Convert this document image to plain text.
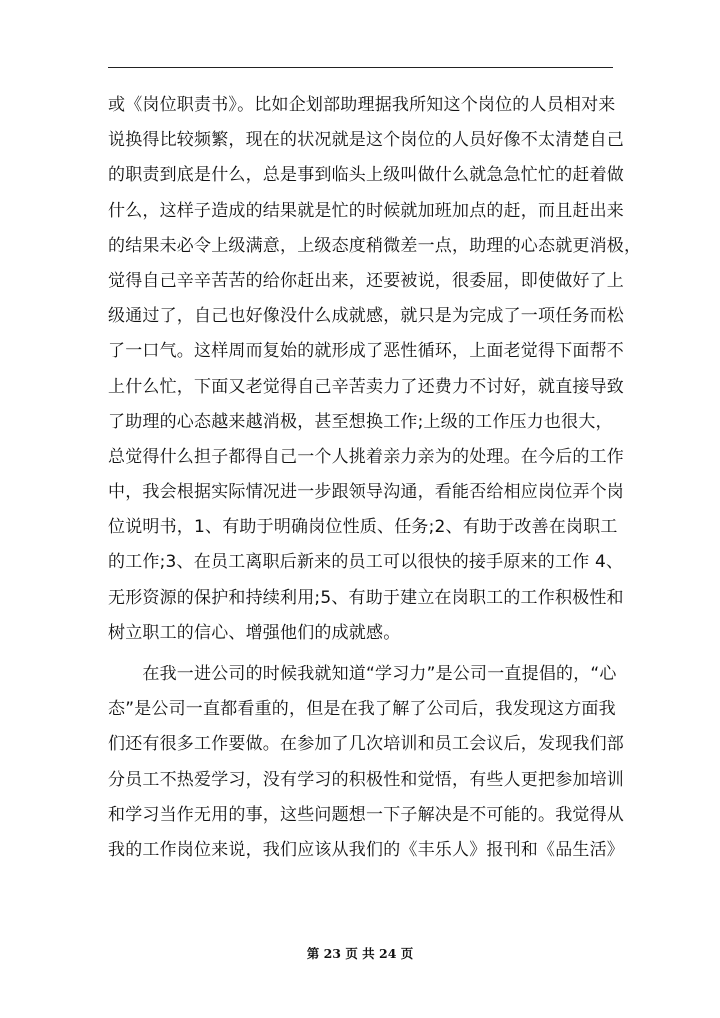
或《岗位职责书》。比如企划部助理据我所知这个岗位的人员相对来
说换得比较频繁，现在的状况就是这个岗位的人员好像不太清楚自己
的职责到底是什么，总是事到临头上级叫做什么就急急忙忙的赶着做
什么，这样子造成的结果就是忙的时候就加班加点的赶，而且赶出来
的结果未必令上级满意，上级态度稍微差一点，助理的心态就更消极，
觉得自己辛辛苦苦的给你赶出来，还要被说，很委屈，即使做好了上
级通过了，自己也好像没什么成就感，就只是为完成了一项任务而松
了一口气。这样周而复始的就形成了恶性循环，上面老觉得下面帮不
上什么忙，下面又老觉得自己辛苦卖力了还费力不讨好，就直接导致
了助理的心态越来越消极，甚至想换工作;上级的工作压力也很大，
总觉得什么担子都得自己一个人挑着亲力亲为的处理。在今后的工作
中，我会根据实际情况进一步跟领导沟通，看能否给相应岗位弄个岗
位说明书，1、有助于明确岗位性质、任务;2、有助于改善在岗职工
的工作;3、在员工离职后新来的员工可以很快的接手原来的工作 4、
无形资源的保护和持续利用;5、有助于建立在岗职工的工作积极性和
树立职工的信心、增强他们的成就感。
　　在我一进公司的时候我就知道“学习力”是公司一直提倡的，“心
态”是公司一直都看重的，但是在我了解了公司后，我发现这方面我
们还有很多工作要做。在参加了几次培训和员工会议后，发现我们部
分员工不热爱学习，没有学习的积极性和觉悟，有些人更把参加培训
和学习当作无用的事，这些问题想一下子解决是不可能的。我觉得从
我的工作岗位来说，我们应该从我们的《丰乐人》报刊和《品生活》
第 23 页 共 24 页
